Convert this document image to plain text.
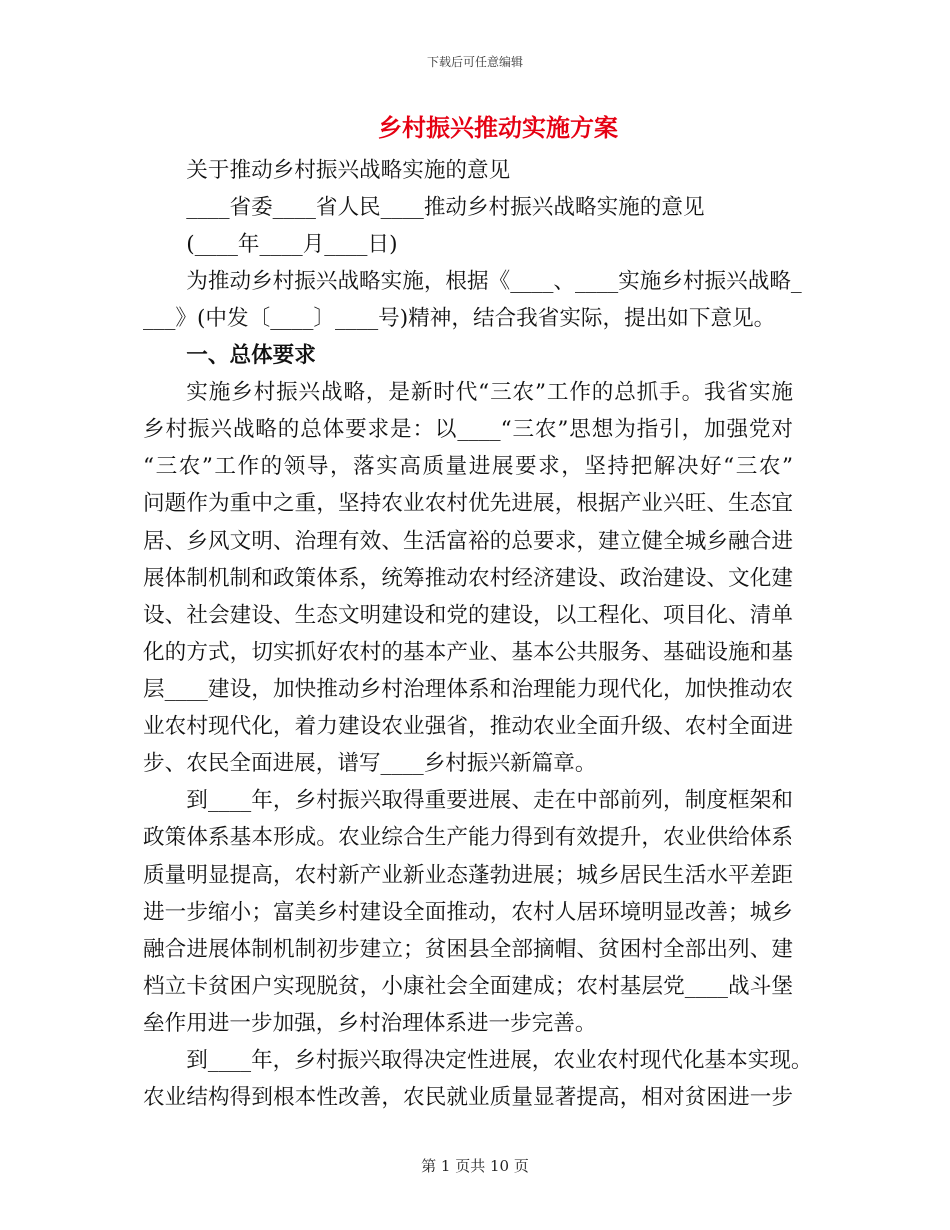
下载后可任意编辑
乡村振兴推动实施方案
关于推动乡村振兴战略实施的意见
____省委____省人民____推动乡村振兴战略实施的意见
(____年____月____日)
为推动乡村振兴战略实施，根据《____、____实施乡村振兴战略_
___》(中发〔____〕____号)精神，结合我省实际，提出如下意见。
一、总体要求
实施乡村振兴战略，是新时代“三农”工作的总抓手。我省实施
乡村振兴战略的总体要求是：以____“三农”思想为指引，加强党对
“三农”工作的领导，落实高质量进展要求，坚持把解决好“三农”
问题作为重中之重，坚持农业农村优先进展，根据产业兴旺、生态宜
居、乡风文明、治理有效、生活富裕的总要求，建立健全城乡融合进
展体制机制和政策体系，统筹推动农村经济建设、政治建设、文化建
设、社会建设、生态文明建设和党的建设，以工程化、项目化、清单
化的方式，切实抓好农村的基本产业、基本公共服务、基础设施和基
层____建设，加快推动乡村治理体系和治理能力现代化，加快推动农
业农村现代化，着力建设农业强省，推动农业全面升级、农村全面进
步、农民全面进展，谱写____乡村振兴新篇章。
到____年，乡村振兴取得重要进展、走在中部前列，制度框架和
政策体系基本形成。农业综合生产能力得到有效提升，农业供给体系
质量明显提高，农村新产业新业态蓬勃进展；城乡居民生活水平差距
进一步缩小；富美乡村建设全面推动，农村人居环境明显改善；城乡
融合进展体制机制初步建立；贫困县全部摘帽、贫困村全部出列、建
档立卡贫困户实现脱贫，小康社会全面建成；农村基层党____战斗堡
垒作用进一步加强，乡村治理体系进一步完善。
到____年，乡村振兴取得决定性进展，农业农村现代化基本实现。
农业结构得到根本性改善，农民就业质量显著提高，相对贫困进一步
第 1 页共 10 页
